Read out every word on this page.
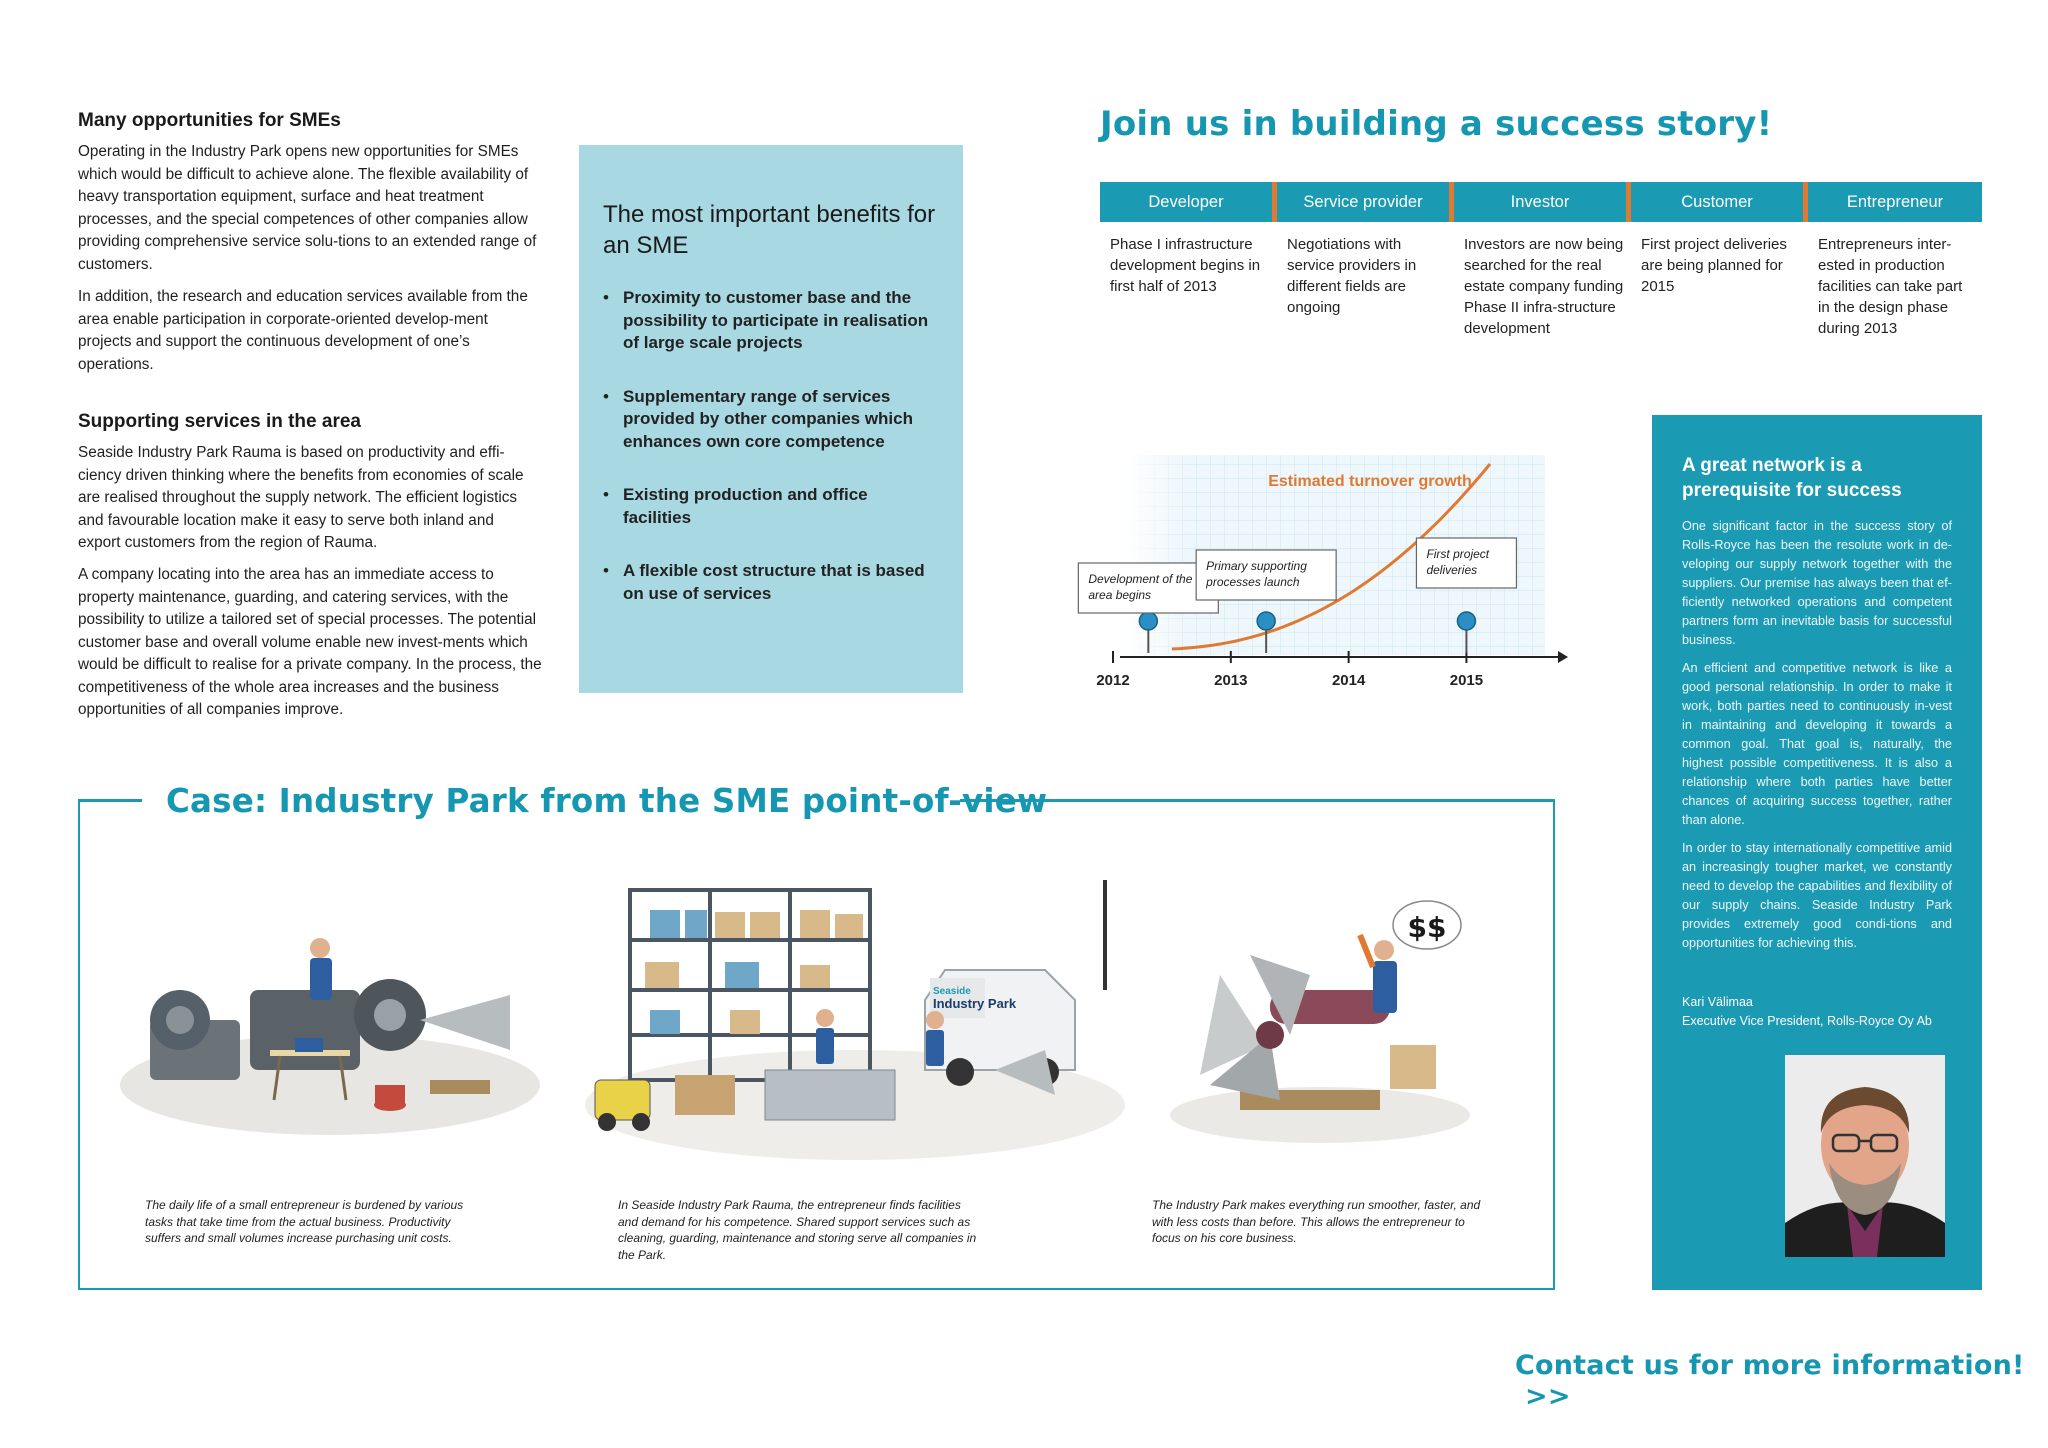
Many opportunities for SMEs

Operating in the Industry Park opens new opportunities for SMEs which would be difficult to achieve alone. The flexible availability of heavy transportation equipment, surface and heat treatment processes, and the special competences of other companies allow providing comprehensive service solu-tions to an extended range of customers.

In addition, the research and education services available from the area enable participation in corporate-oriented develop-ment projects and support the continuous development of one’s operations.

Supporting services in the area

Seaside Industry Park Rauma is based on productivity and effi-ciency driven thinking where the benefits from economies of scale are realised throughout the supply network. The efficient logistics and favourable location make it easy to serve both inland and export customers from the region of Rauma.

A company locating into the area has an immediate access to property maintenance, guarding, and catering services, with the possibility to utilize a tailored set of special processes. The potential customer base and overall volume enable new invest-ments which would be difficult to realise for a private company. In the process, the competitiveness of the whole area increases and the business opportunities of all companies improve.

The most important benefits for an SME
• Proximity to customer base and the possibility to participate in realisation of large scale projects
• Supplementary range of services provided by other companies which enhances own core competence
• Existing production and office facilities
• A flexible cost structure that is based on use of services
Join us in building a success story!
Developer	Service provider	Investor	Customer	Entrepreneur
Phase I infrastructure development begins in first half of 2013
Negotiations with service providers in different fields are ongoing
Investors are now being searched for the real estate company funding Phase II infra-structure development
First project deliveries are being planned for 2015
Entrepreneurs inter-ested in production facilities can take part in the design phase during 2013
Estimated turnover growth
2012	2013	2014	2015
Development of the
area begins
Primary supporting
processes launch
First project
deliveries
A great network is a prerequisite for success

One significant factor in the success story of Rolls-Royce has been the resolute work in de-veloping our supply network together with the suppliers. Our premise has always been that ef-ficiently networked operations and competent partners form an inevitable basis for successful business.

An efficient and competitive network is like a good personal relationship. In order to make it work, both parties need to continuously in-vest in maintaining and developing it towards a common goal. That goal is, naturally, the highest possible competitiveness. It is also a relationship where both parties have better chances of acquiring success together, rather than alone.

In order to stay internationally competitive amid an increasingly tougher market, we constantly need to develop the capabilities and flexibility of our supply chains. Seaside Industry Park provides extremely good condi-tions and opportunities for achieving this.

Kari Välimaa
Executive Vice President, Rolls-Royce Oy Ab
Case: Industry Park from the SME point-of-view
Seaside
Industry Park
$$
The daily life of a small entrepreneur is burdened by various tasks that take time from the actual business. Productivity suffers and small volumes increase purchasing unit costs.
In Seaside Industry Park Rauma, the entrepreneur finds facilities and demand for his competence. Shared support services such as cleaning, guarding, maintenance and storing serve all companies in the Park.
The Industry Park makes everything run smoother, faster, and with less costs than before. This allows the entrepreneur to focus on his core business.
Contact us for more information! >>
